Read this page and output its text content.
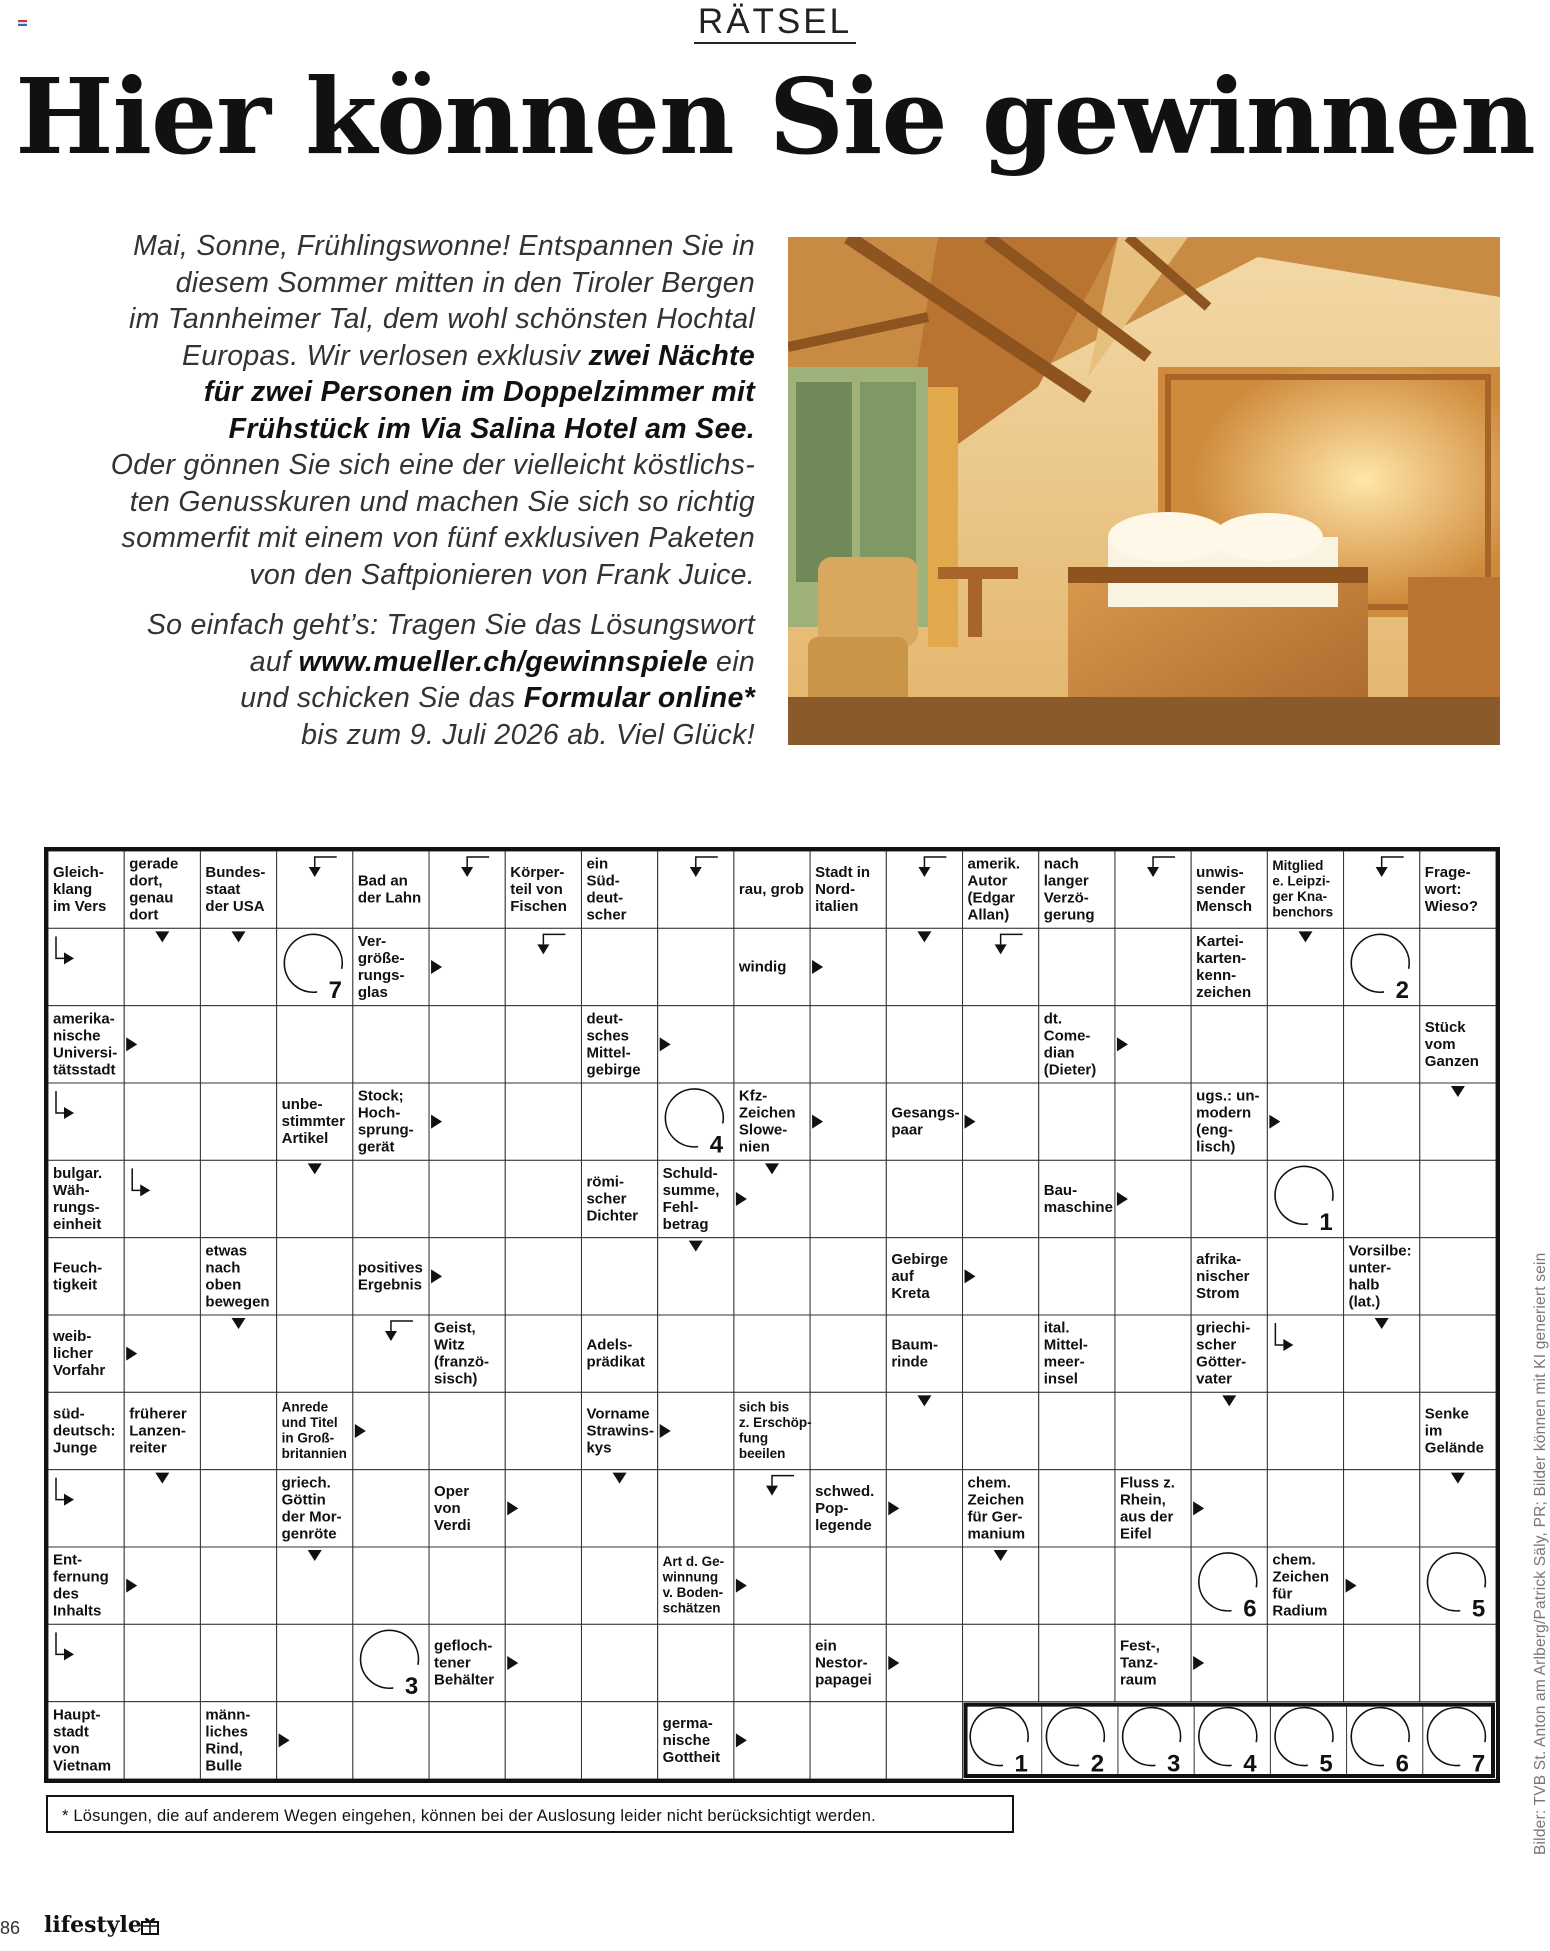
RÄTSEL
Hier können Sie gewinnen
Mai, Sonne, Frühlingswonne! Entspannen Sie in
diesem Sommer mitten in den Tiroler Bergen
im Tannheimer Tal, dem wohl schönsten Hochtal
Europas. Wir verlosen exklusiv zwei Nächte
für zwei Personen im Doppelzimmer mit
Frühstück im Via Salina Hotel am See.
Oder gönnen Sie sich eine der vielleicht köstlichs-
ten Genusskuren und machen Sie sich so richtig
sommerfit mit einem von fünf exklusiven Paketen
von den Saftpionieren von Frank Juice.
So einfach geht’s: Tragen Sie das Lösungswort
auf www.mueller.ch/gewinnspiele ein
und schicken Sie das Formular online*
bis zum 9. Juli 2026 ab. Viel Glück!
Gleich-klang im Vers
gerade dort, genau dort
Bundes-staat der USA
Bad an der Lahn
Körper-teil von Fischen
ein Süd-deut-scher
rau, grob
Stadt in Nord-italien
amerik. Autor (Edgar Allan)
nach langer Verzö-gerung
unwis-sender Mensch
Mitglied e. Leipzi-ger Kna-benchors
Frage-wort: Wieso?
Ver-größe-rungs-glas
windig
Kartei-karten-kenn-zeichen
amerika-nische Universi-tätsstadt
deut-sches Mittel-gebirge
dt. Come-dian (Dieter)
Stück vom Ganzen
unbe-stimmter Artikel
Stock; Hoch-sprung-gerät
Kfz-Zeichen Slowe-nien
Gesangs-paar
ugs.: un-modern (eng-lisch)
bulgar. Wäh-rungs-einheit
römi-scher Dichter
Schuld-summe, Fehl-betrag
Bau-maschine
Feuch-tigkeit
etwas nach oben bewegen
positives Ergebnis
Gebirge auf Kreta
afrika-nischer Strom
Vorsilbe: unter-halb (lat.)
weib-licher Vorfahr
Geist, Witz (franzö-sisch)
Adels-prädikat
Baum-rinde
ital. Mittel-meer-insel
griechi-scher Götter-vater
süd-deutsch: Junge
früherer Lanzen-reiter
Anrede und Titel in Groß-britannien
Vorname Strawins-kys
sich bis z. Erschöp-fung beeilen
Senke im Gelände
griech. Göttin der Mor-genröte
Oper von Verdi
schwed. Pop-legende
chem. Zeichen für Ger-manium
Fluss z. Rhein, aus der Eifel
Ent-fernung des Inhalts
Art d. Ge-winnung v. Boden-schätzen
chem. Zeichen für Radium
geflоch-tener Behälter
ein Nestor-papagei
Fest-, Tanz-raum
Haupt-stadt von Vietnam
männ-liches Rind, Bulle
germa-nische Gottheit
7	2
4
1
6	5
3
1	2	3	4	5	6	7
* Lösungen, die auf anderem Wegen eingehen, können bei der Auslosung leider nicht berücksichtigt werden.	Bilder: TVB St. Anton am Arlberg/Patrick Säly, PR; Bilder können mit KI generiert sein
86 lifestyle
